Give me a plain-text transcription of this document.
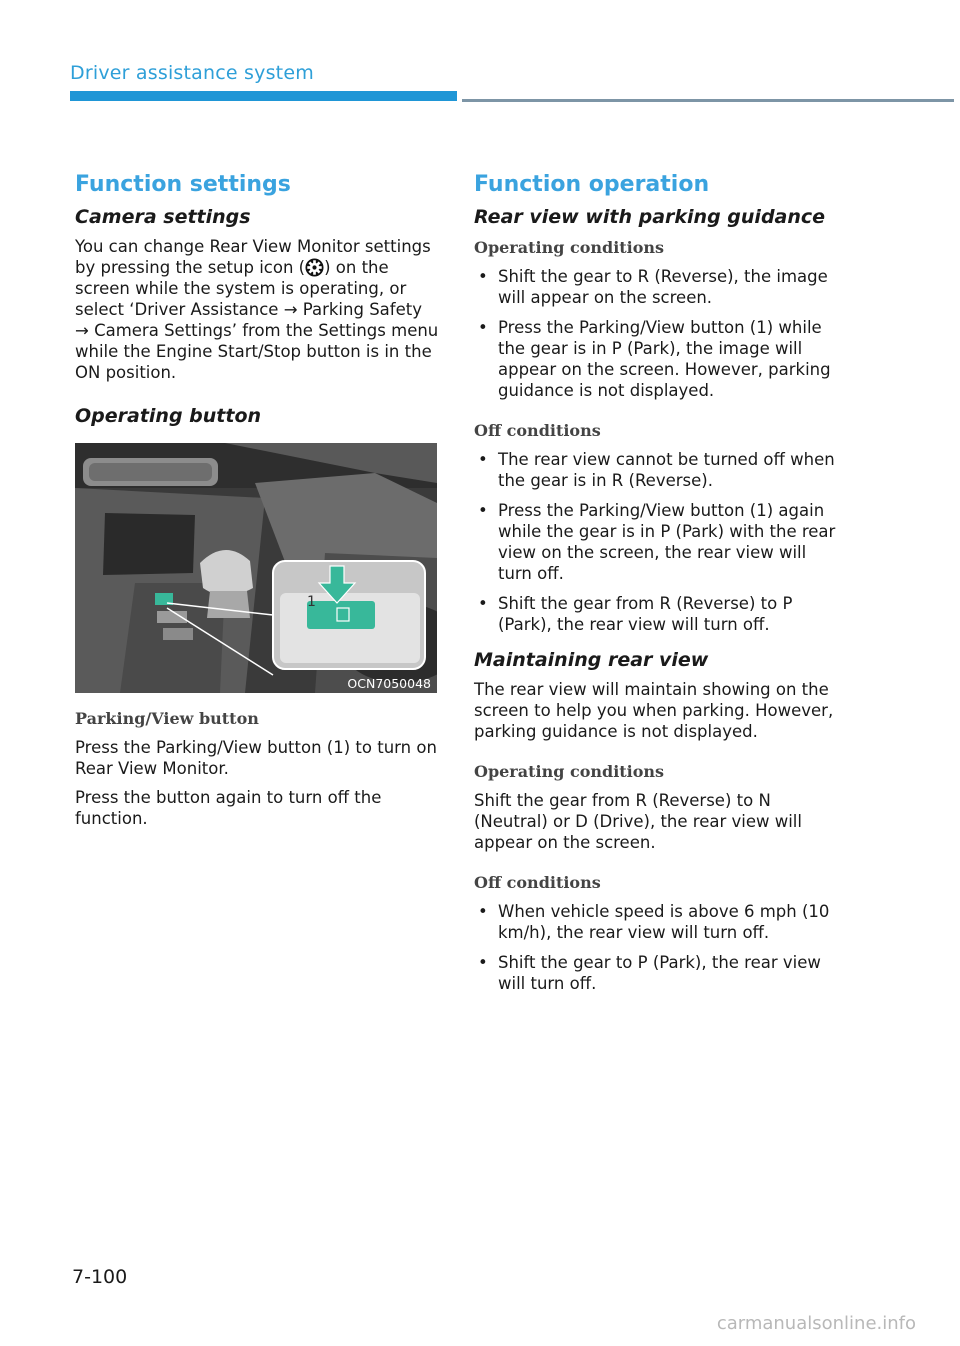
Driver assistance system
Function settings
Camera settings

You can change Rear View Monitor settings by pressing the setup icon ( ) on the screen while the system is operating, or select ‘Driver Assistance → Parking Safety → Camera Settings’ from the Settings menu while the Engine Start/Stop button is in the ON position.

Operating button
1
OCN7050048
Parking/View button

Press the Parking/View button (1) to turn on Rear View Monitor.

Press the button again to turn off the function.

Function operation
Rear view with parking guidance
Operating conditions
• Shift the gear to R (Reverse), the image will appear on the screen.
• Press the Parking/View button (1) while the gear is in P (Park), the image will appear on the screen. However, parking guidance is not displayed.
Off conditions
• The rear view cannot be turned off when the gear is in R (Reverse).
• Press the Parking/View button (1) again while the gear is in P (Park) with the rear view on the screen, the rear view will turn off.
• Shift the gear from R (Reverse) to P (Park), the rear view will turn off.
Maintaining rear view

The rear view will maintain showing on the screen to help you when parking. However, parking guidance is not displayed.

Operating conditions

Shift the gear from R (Reverse) to N (Neutral) or D (Drive), the rear view will appear on the screen.

Off conditions
• When vehicle speed is above 6 mph (10 km/h), the rear view will turn off.
• Shift the gear to P (Park), the rear view will turn off.
7-100
carmanualsonline.info
